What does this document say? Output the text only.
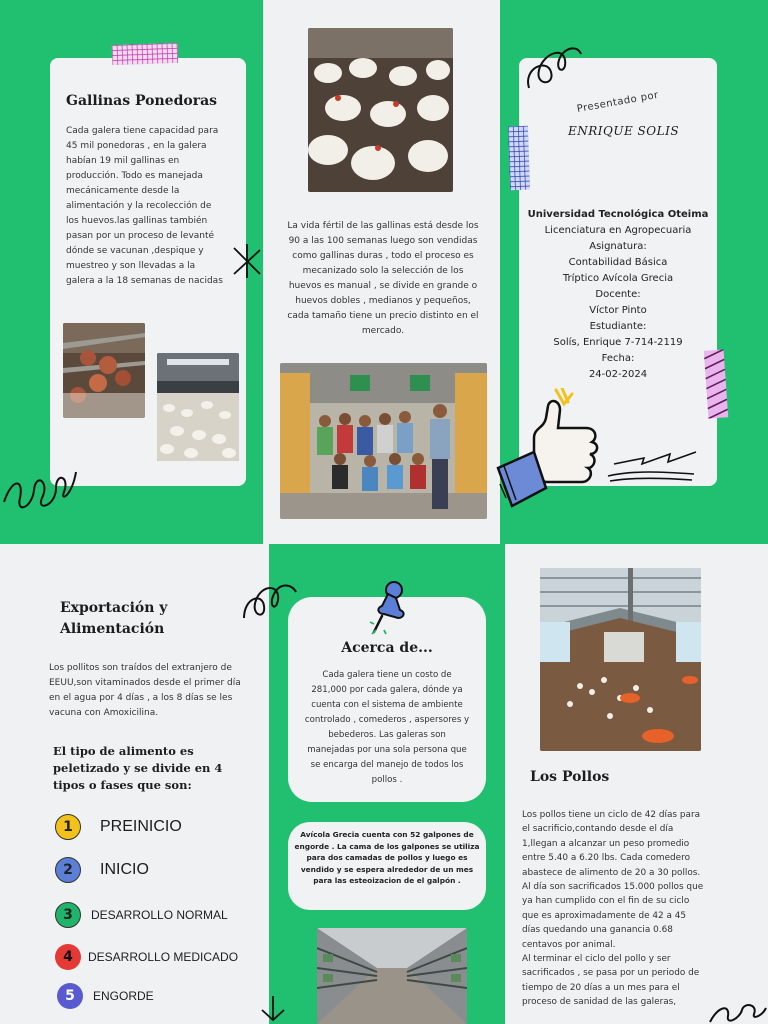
Gallinas Ponedoras
Cada galera tiene capacidad para 45 mil ponedoras , en la galera habían 19 mil gallinas en producción. Todo es manejada mecánicamente desde la alimentación y la recolección de los huevos.las gallinas también pasan por un proceso de levanté dónde se vacunan ,despique y muestreo y son llevadas a la galera a la 18 semanas de nacidas
La vida fértil de las gallinas está desde los 90 a las 100 semanas luego son vendidas como gallinas duras , todo el proceso es mecanizado solo la selección de los huevos es manual , se divide en grande o huevos dobles , medianos y pequeños, cada tamaño tiene un precio distinto en el mercado.
Presentado por
ENRIQUE SOLIS
Universidad Tecnológica Oteima
Licenciatura en Agropecuaria
Asignatura:
Contabilidad Básica
Tríptico Avícola Grecia
Docente:
Víctor Pinto
Estudiante:
Solís, Enrique 7-714-2119
Fecha:
24-02-2024
Exportación y
Alimentación
Los pollitos son traídos del extranjero de EEUU,son vitaminados desde el primer día en el agua por 4 días , a los 8 días se les vacuna con Amoxicilina.
El tipo de alimento es peletizado y se divide en 4 tipos o fases que son:
1 PREINICIO
2 INICIO
3 DESARROLLO NORMAL
4 DESARROLLO MEDICADO
5 ENGORDE
Acerca de...
Cada galera tiene un costo de 281,000 por cada galera, dónde ya cuenta con el sistema de ambiente controlado , comederos , aspersores y bebederos. Las galeras son manejadas por una sola persona que se encarga del manejo de todos los pollos .
Avícola Grecia cuenta con 52 galpones de engorde . La cama de los galpones se utiliza para dos camadas de pollos y luego es vendido y se espera alrededor de un mes para las esteoizacion de el galpón .
Los Pollos
Los pollos tiene un ciclo de 42 días para el sacrificio,contando desde el día 1,llegan a alcanzar un peso promedio entre 5.40 a 6.20 lbs. Cada comedero abastece de alimento de 20 a 30 pollos.
Al día son sacrificados 15.000 pollos que ya han cumplido con el fin de su ciclo que es aproximadamente de 42 a 45 días quedando una ganancia 0.68 centavos por animal.
Al terminar el ciclo del pollo y ser sacrificados , se pasa por un periodo de tiempo de 20 días a un mes para el proceso de sanidad de las galeras,
